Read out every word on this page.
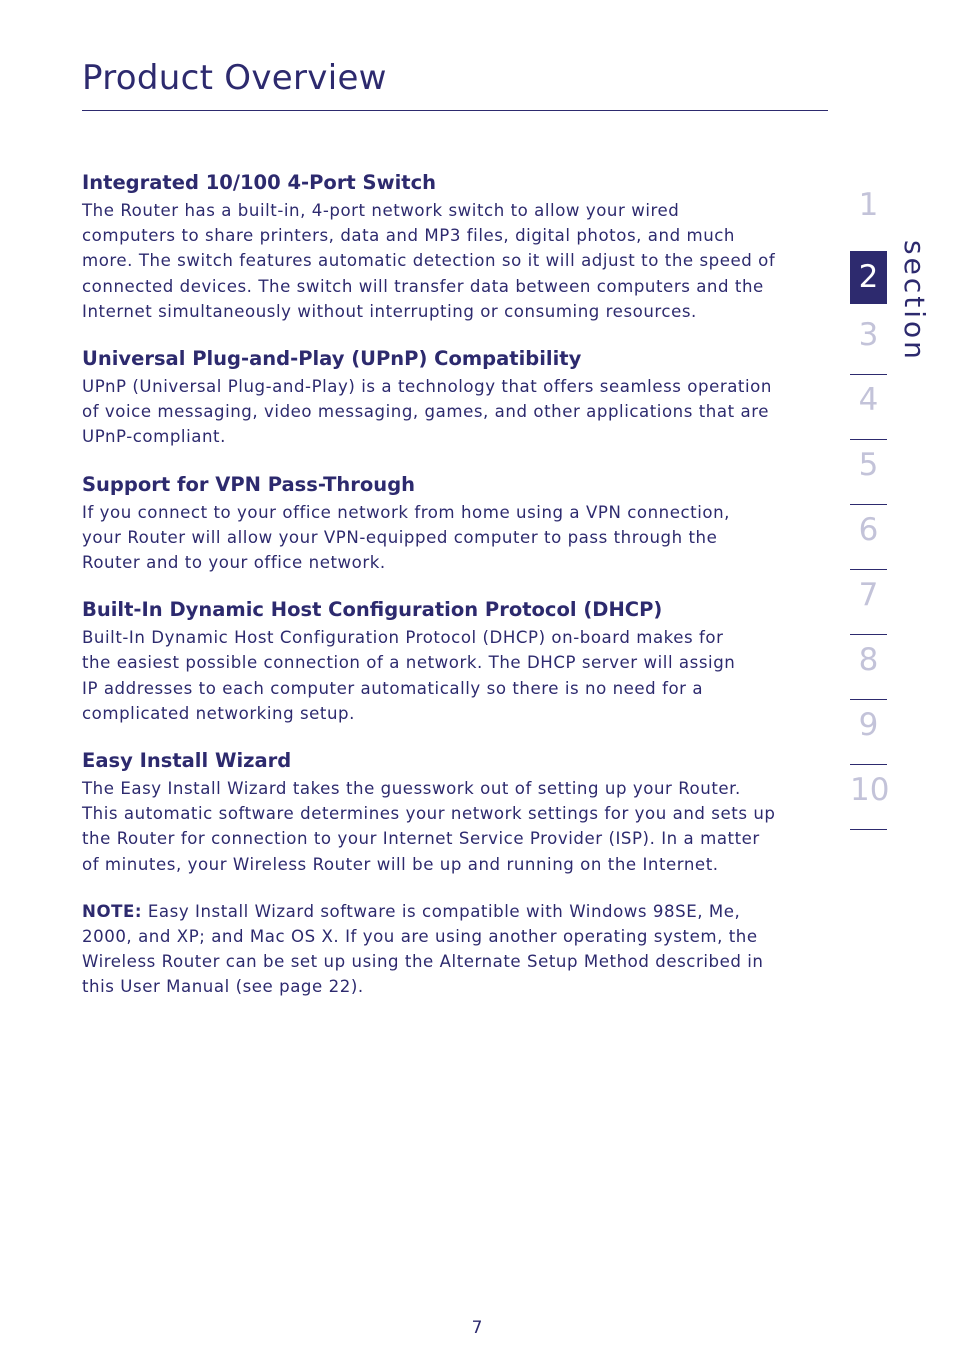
Product Overview
Integrated 10/100 4-Port Switch

The Router has a built-in, 4-port network switch to allow your wired
computers to share printers, data and MP3 files, digital photos, and much
more. The switch features automatic detection so it will adjust to the speed of
connected devices. The switch will transfer data between computers and the
Internet simultaneously without interrupting or consuming resources.

Universal Plug-and-Play (UPnP) Compatibility

UPnP (Universal Plug-and-Play) is a technology that offers seamless operation
of voice messaging, video messaging, games, and other applications that are
UPnP-compliant.

Support for VPN Pass-Through

If you connect to your office network from home using a VPN connection,
your Router will allow your VPN-equipped computer to pass through the
Router and to your office network.

Built-In Dynamic Host Configuration Protocol (DHCP)

Built-In Dynamic Host Configuration Protocol (DHCP) on-board makes for
the easiest possible connection of a network. The DHCP server will assign
IP addresses to each computer automatically so there is no need for a
complicated networking setup.

Easy Install Wizard

The Easy Install Wizard takes the guesswork out of setting up your Router.
This automatic software determines your network settings for you and sets up
the Router for connection to your Internet Service Provider (ISP). In a matter
of minutes, your Wireless Router will be up and running on the Internet.

NOTE: Easy Install Wizard software is compatible with Windows 98SE, Me,
2000, and XP; and Mac OS X. If you are using another operating system, the
Wireless Router can be set up using the Alternate Setup Method described in
this User Manual (see page 22).

1
2
3
4
5
6
7
8
9
10
section
7
